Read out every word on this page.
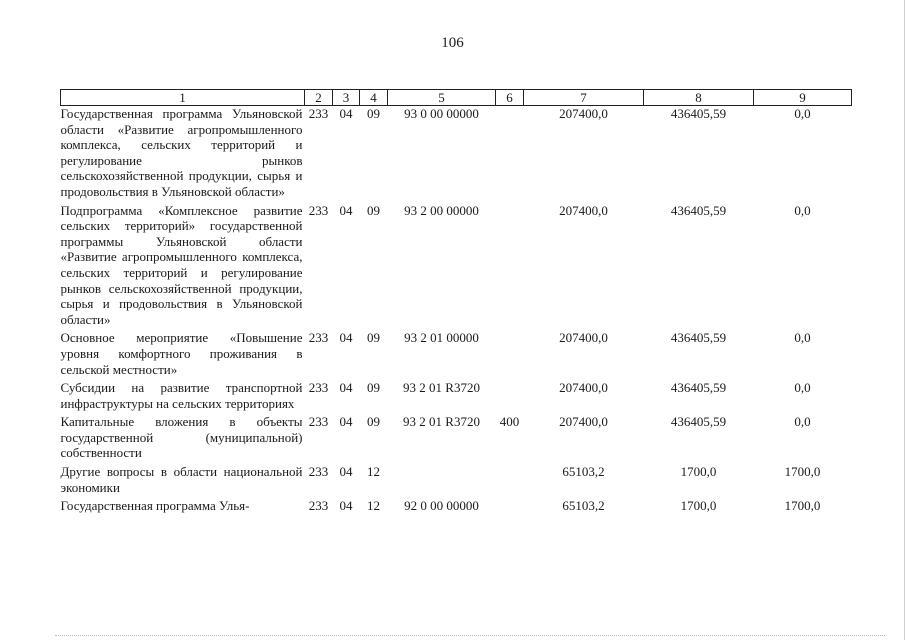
106
1	2	3	4	5	6	7	8	9
Государственная программа Ульяновской области «Развитие агропромышленного комплекса, сельских территорий и регулирование рынков сельскохозяйственной продукции, сырья и продовольствия в Ульяновской области»	233	04	09	93 0 00 00000		207400,0	436405,59	0,0

Подпрограмма «Комплексное развитие сельских территорий» государственной программы Ульяновской области «Развитие агропромышленного комплекса, сельских территорий и регулирование рынков сельскохозяйственной продукции, сырья и продовольствия в Ульяновской области»	233	04	09	93 2 00 00000		207400,0	436405,59	0,0

Основное мероприятие «Повышение уровня комфортного проживания в сельской местности»	233	04	09	93 2 01 00000		207400,0	436405,59	0,0

Субсидии на развитие транспортной инфраструктуры на сельских территориях	233	04	09	93 2 01 R3720		207400,0	436405,59	0,0

Капитальные вложения в объекты государственной (муниципальной) собственности	233	04	09	93 2 01 R3720	400	207400,0	436405,59	0,0

Другие вопросы в области национальной экономики	233	04	12			65103,2	1700,0	1700,0

Государственная программа Улья-	233	04	12	92 0 00 00000		65103,2	1700,0	1700,0
